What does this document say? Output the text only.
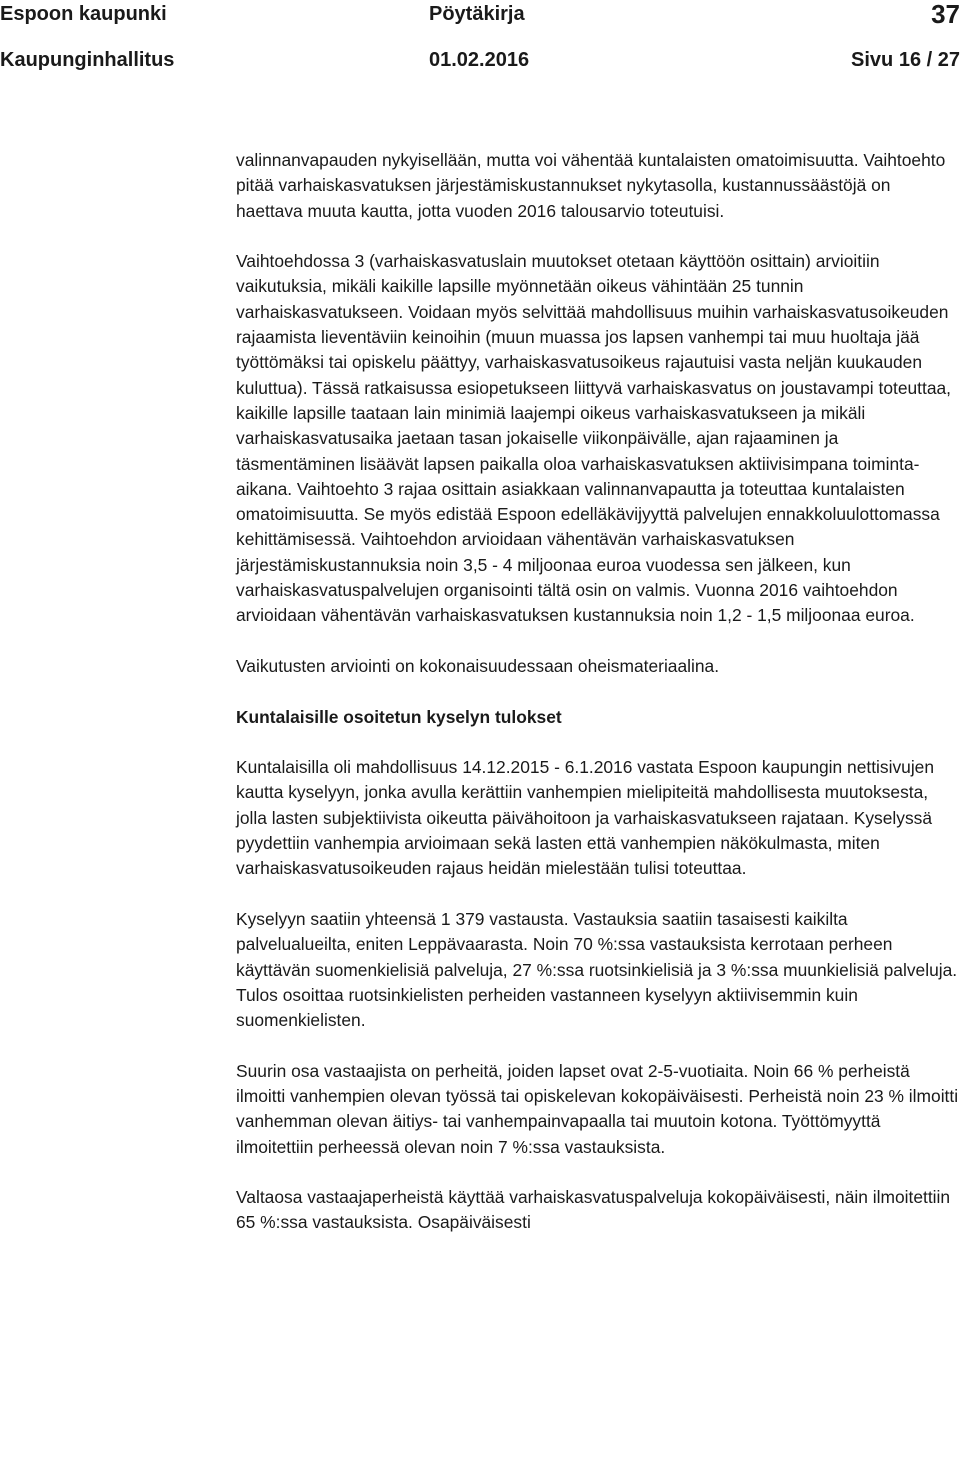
Espoon kaupunki	Pöytäkirja	37
Kaupunginhallitus	01.02.2016	Sivu 16 / 27

valinnanvapauden nykyisellään, mutta voi vähentää kuntalaisten omatoimisuutta. Vaihtoehto pitää varhaiskasvatuksen järjestämiskustannukset nykytasolla, kustannussäästöjä on haettava muuta kautta, jotta vuoden 2016 talousarvio toteutuisi.

Vaihtoehdossa 3 (varhaiskasvatuslain muutokset otetaan käyttöön osittain) arvioitiin vaikutuksia, mikäli kaikille lapsille myönnetään oikeus vähintään 25 tunnin varhaiskasvatukseen. Voidaan myös selvittää mahdollisuus muihin varhaiskasvatusoikeuden rajaamista lieventäviin keinoihin (muun muassa jos lapsen vanhempi tai muu huoltaja jää työttömäksi tai opiskelu päättyy, varhaiskasvatusoikeus rajautuisi vasta neljän kuukauden kuluttua). Tässä ratkaisussa esiopetukseen liittyvä varhaiskasvatus on joustavampi toteuttaa, kaikille lapsille taataan lain minimiä laajempi oikeus varhaiskasvatukseen ja mikäli varhaiskasvatusaika jaetaan tasan jokaiselle viikonpäivälle, ajan rajaaminen ja täsmentäminen lisäävät lapsen paikalla oloa varhaiskasvatuksen aktiivisimpana toiminta-aikana. Vaihtoehto 3 rajaa osittain asiakkaan valinnanvapautta ja toteuttaa kuntalaisten omatoimisuutta. Se myös edistää Espoon edelläkävijyyttä palvelujen ennakkoluulottomassa kehittämisessä. Vaihtoehdon arvioidaan vähentävän varhaiskasvatuksen järjestämiskustannuksia noin 3,5 - 4 miljoonaa euroa vuodessa sen jälkeen, kun varhaiskasvatuspalvelujen organisointi tältä osin on valmis. Vuonna 2016 vaihtoehdon arvioidaan vähentävän varhaiskasvatuksen kustannuksia noin 1,2 - 1,5 miljoonaa euroa.

Vaikutusten arviointi on kokonaisuudessaan oheismateriaalina.

Kuntalaisille osoitetun kyselyn tulokset

Kuntalaisilla oli mahdollisuus 14.12.2015 - 6.1.2016 vastata Espoon kaupungin nettisivujen kautta kyselyyn, jonka avulla kerättiin vanhempien mielipiteitä mahdollisesta muutoksesta, jolla lasten subjektiivista oikeutta päivähoitoon ja varhaiskasvatukseen rajataan. Kyselyssä pyydettiin vanhempia arvioimaan sekä lasten että vanhempien näkökulmasta, miten varhaiskasvatusoikeuden rajaus heidän mielestään tulisi toteuttaa.

Kyselyyn saatiin yhteensä 1 379 vastausta. Vastauksia saatiin tasaisesti kaikilta palvelualueilta, eniten Leppävaarasta. Noin 70 %:ssa vastauksista kerrotaan perheen käyttävän suomenkielisiä palveluja, 27 %:ssa ruotsinkielisiä ja 3 %:ssa muunkielisiä palveluja. Tulos osoittaa ruotsinkielisten perheiden vastanneen kyselyyn aktiivisemmin kuin suomenkielisten.

Suurin osa vastaajista on perheitä, joiden lapset ovat 2-5-vuotiaita. Noin 66 % perheistä ilmoitti vanhempien olevan työssä tai opiskelevan kokopäiväisesti. Perheistä noin 23 % ilmoitti vanhemman olevan äitiys- tai vanhempainvapaalla tai muutoin kotona. Työttömyyttä ilmoitettiin perheessä olevan noin 7 %:ssa vastauksista.

Valtaosa vastaajaperheistä käyttää varhaiskasvatuspalveluja kokopäiväisesti, näin ilmoitettiin 65 %:ssa vastauksista. Osapäiväisesti
